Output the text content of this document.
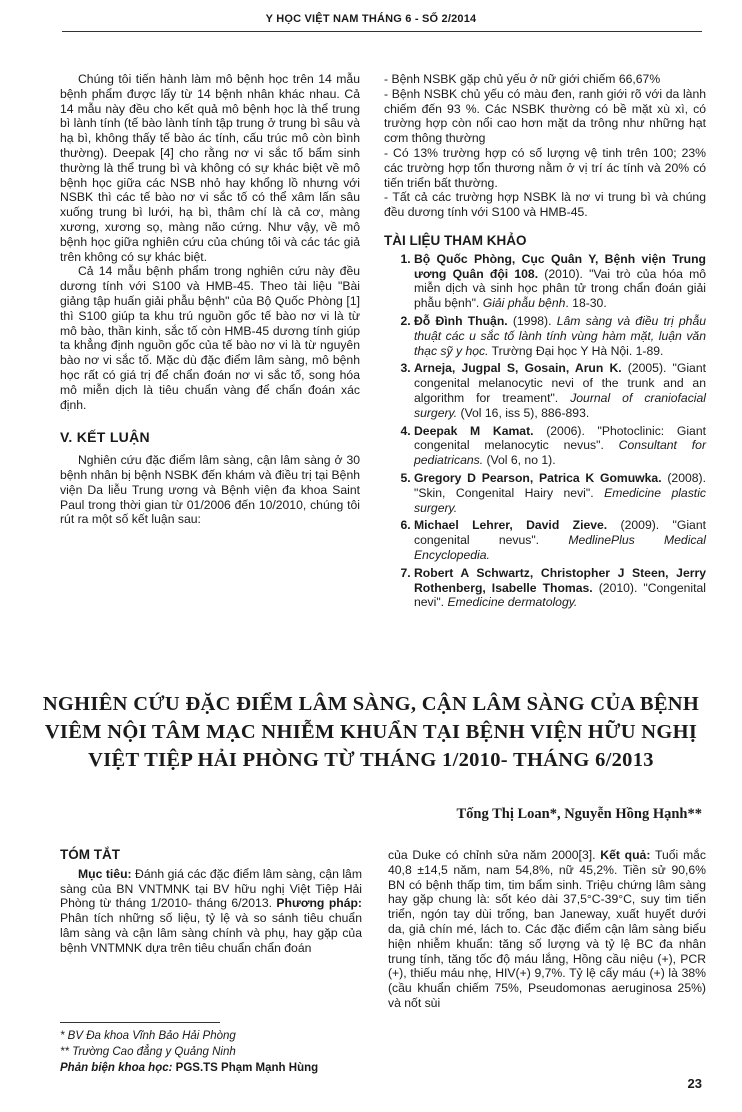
Y HỌC VIỆT NAM THÁNG 6 - SỐ 2/2014

Chúng tôi tiến hành làm mô bệnh học trên 14 mẫu bệnh phẩm được lấy từ 14 bệnh nhân khác nhau. Cả 14 mẫu này đều cho kết quả mô bệnh học là thể trung bì lành tính (tế bào lành tính tập trung ở trung bì sâu và hạ bì, không thấy tế bào ác tính, cấu trúc mô còn bình thường). Deepak [4] cho rằng nơ vi sắc tố bẩm sinh thường là thể trung bì và không có sự khác biệt về mô bệnh học giữa các NSB nhỏ hay khổng lồ nhưng với NSBK thì các tế bào nơ vi sắc tố có thể xâm lấn sâu xuống trung bì lưới, hạ bì, thâm chí là cả cơ, màng xương, xương sọ, màng não cứng. Như vậy, về mô bệnh học giữa nghiên cứu của chúng tôi và các tác giả trên không có sự khác biệt.

Cả 14 mẫu bệnh phẩm trong nghiên cứu này đều dương tính với S100 và HMB-45. Theo tài liệu "Bài giảng tập huấn giải phẫu bệnh" của Bộ Quốc Phòng [1] thì S100 giúp ta khu trú nguồn gốc tế bào nơ vi là từ mô bào, thần kinh, sắc tố còn HMB-45 dương tính giúp ta khẳng định nguồn gốc của tế bào nơ vi là từ nguyên bào nơ vi sắc tố. Mặc dù đặc điểm lâm sàng, mô bệnh học rất có giá trị để chẩn đoán nơ vi sắc tố, song hóa mô miễn dịch là tiêu chuẩn vàng để chẩn đoán xác định.

V. KẾT LUẬN

Nghiên cứu đặc điểm lâm sàng, cận lâm sàng ở 30 bệnh nhân bị bệnh NSBK đến khám và điều trị tại Bệnh viện Da liễu Trung ương và Bệnh viện đa khoa Saint Paul trong thời gian từ 01/2006 đến 10/2010, chúng tôi rút ra một số kết luận sau:

- Bệnh NSBK gặp chủ yếu ở nữ giới chiếm 66,67%

- Bệnh NSBK chủ yếu có màu đen, ranh giới rõ với da lành chiếm đến 93 %. Các NSBK thường có bề mặt xù xì, có trường hợp còn nổi cao hơn mặt da trông như những hạt cơm thông thường

- Có 13% trường hợp có số lượng vệ tinh trên 100; 23% các trường hợp tổn thương nằm ở vị trí ác tính và 20% có tiến triển bất thường.

- Tất cả các trường hợp NSBK là nơ vi trung bì và chúng đều dương tính với S100 và HMB-45.

TÀI LIỆU THAM KHẢO
1. Bộ Quốc Phòng, Cục Quân Y, Bệnh viện Trung ương Quân đội 108. (2010). "Vai trò của hóa mô miễn dịch và sinh học phân tử trong chẩn đoán giải phẫu bệnh". Giải phẫu bệnh. 18-30.
2. Đỗ Đình Thuận. (1998). Lâm sàng và điều trị phẫu thuật các u sắc tố lành tính vùng hàm mặt, luận văn thạc sỹ y học. Trường Đại học Y Hà Nội. 1-89.
3. Arneja, Jugpal S, Gosain, Arun K. (2005). "Giant congenital melanocytic nevi of the trunk and an algorithm for treament". Journal of craniofacial surgery. (Vol 16, iss 5), 886-893.
4. Deepak M Kamat. (2006). "Photoclinic: Giant congenital melanocytic nevus". Consultant for pediatricans. (Vol 6, no 1).
5. Gregory D Pearson, Patrica K Gomuwka. (2008). "Skin, Congenital Hairy nevi". Emedicine plastic surgery.
6. Michael Lehrer, David Zieve. (2009). "Giant congenital nevus". MedlinePlus Medical Encyclopedia.
7. Robert A Schwartz, Christopher J Steen, Jerry Rothenberg, Isabelle Thomas. (2010). "Congenital nevi". Emedicine dermatology.
NGHIÊN CỨU ĐẶC ĐIỂM LÂM SÀNG, CẬN LÂM SÀNG CỦA BỆNH
VIÊM NỘI TÂM MẠC NHIỄM KHUẨN TẠI BỆNH VIỆN HỮU NGHỊ
VIỆT TIỆP HẢI PHÒNG TỪ THÁNG 1/2010- THÁNG 6/2013
Tống Thị Loan*, Nguyễn Hồng Hạnh**
TÓM TẮT

Mục tiêu: Đánh giá các đặc điểm lâm sàng, cận lâm sàng của BN VNTMNK tại BV hữu nghị Việt Tiệp Hải Phòng từ tháng 1/2010- tháng 6/2013. Phương pháp: Phân tích những số liệu, tỷ lệ và so sánh tiêu chuẩn lâm sàng và cận lâm sàng chính và phụ, hay gặp của bệnh VNTMNK dựa trên tiêu chuẩn chẩn đoán

của Duke có chỉnh sửa năm 2000[3]. Kết quả: Tuổi mắc 40,8 ±14,5 năm, nam 54,8%, nữ 45,2%. Tiền sử 90,6% BN có bệnh thấp tim, tim bẩm sinh. Triệu chứng lâm sàng hay gặp chung là: sốt kéo dài 37,5°C-39°C, suy tim tiến triển, ngón tay dùi trống, ban Janeway, xuất huyết dưới da, giả chín mé, lách to. Các đặc điểm cận lâm sàng biểu hiện nhiễm khuẩn: tăng số lượng và tỷ lệ BC đa nhân trung tính, tăng tốc độ máu lắng, Hồng cầu niệu (+), PCR (+), thiếu máu nhẹ, HIV(+) 9,7%. Tỷ lệ cấy máu (+) là 38% (cầu khuẩn chiếm 75%, Pseudomonas aeruginosa 25%) và nốt sùi

* BV Đa khoa Vĩnh Bảo Hải Phòng
** Trường Cao đẳng y Quảng Ninh
Phản biện khoa học: PGS.TS Phạm Mạnh Hùng
23
